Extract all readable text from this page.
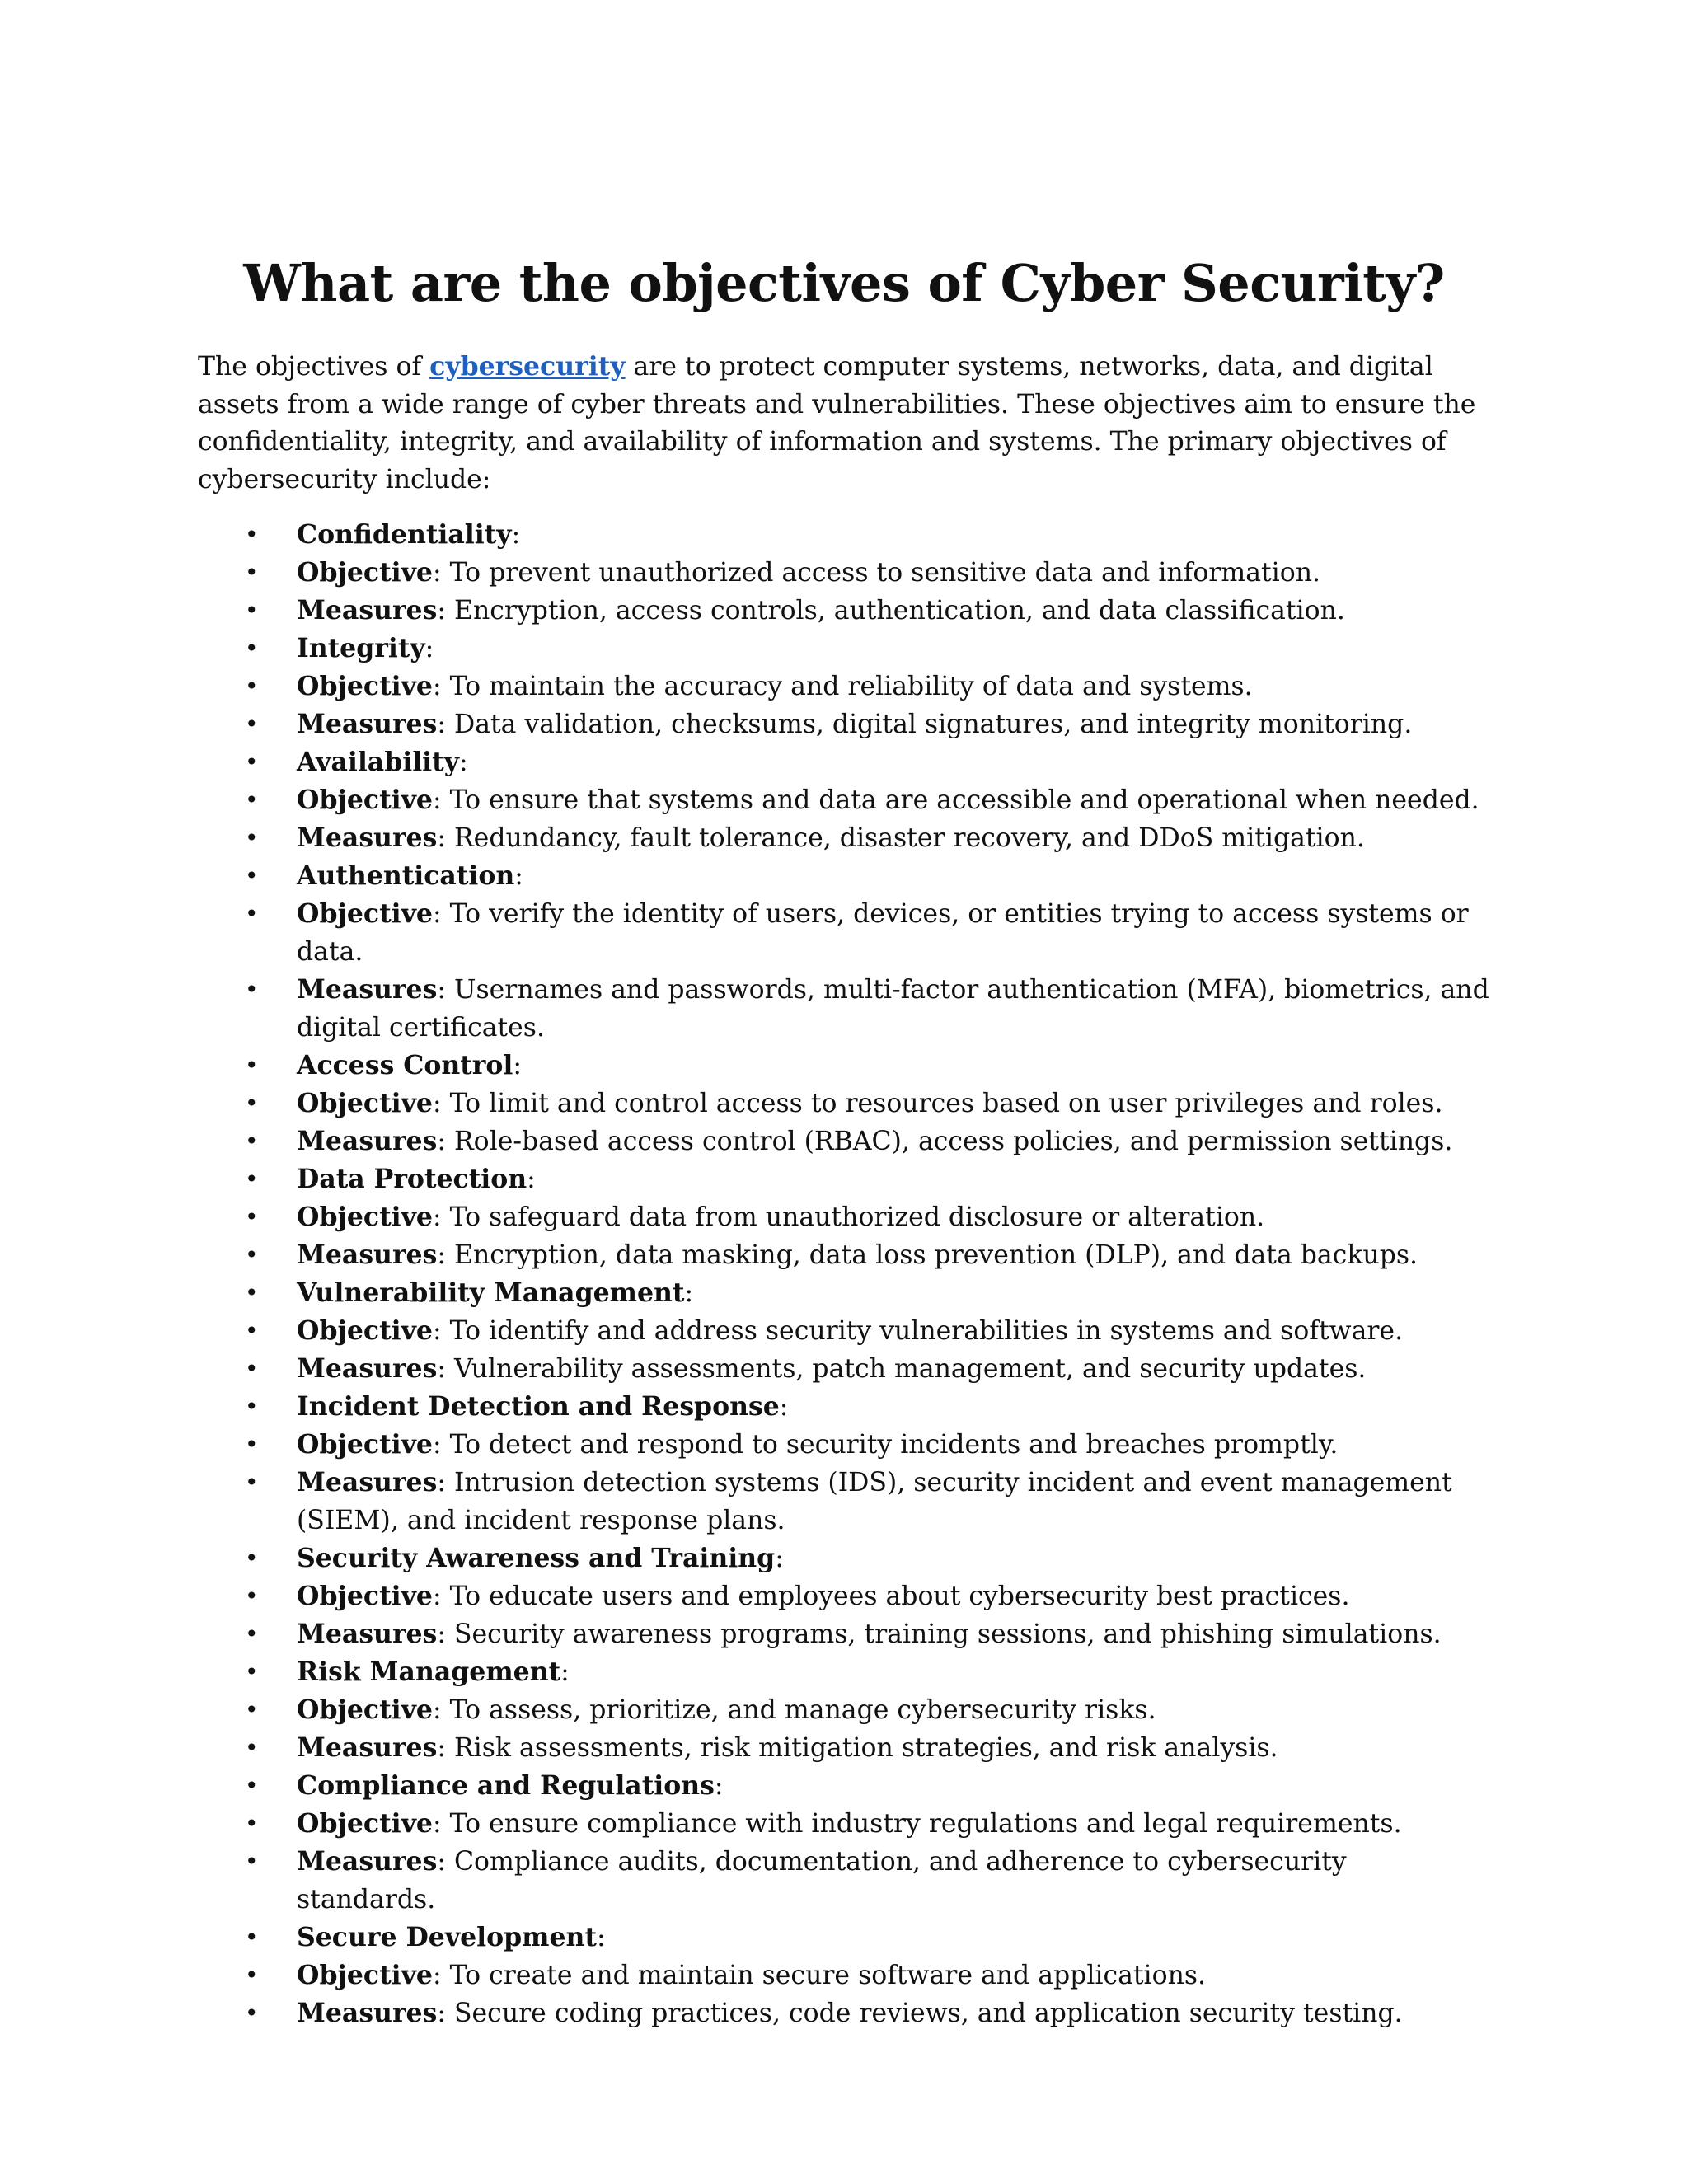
What are the objectives of Cyber Security?

The objectives of cybersecurity are to protect computer systems, networks, data, and digital assets from a wide range of cyber threats and vulnerabilities. These objectives aim to ensure the confidentiality, integrity, and availability of information and systems. The primary objectives of cybersecurity include:

• Confidentiality:
• Objective: To prevent unauthorized access to sensitive data and information.
• Measures: Encryption, access controls, authentication, and data classification.
• Integrity:
• Objective: To maintain the accuracy and reliability of data and systems.
• Measures: Data validation, checksums, digital signatures, and integrity monitoring.
• Availability:
• Objective: To ensure that systems and data are accessible and operational when needed.
• Measures: Redundancy, fault tolerance, disaster recovery, and DDoS mitigation.
• Authentication:
• Objective: To verify the identity of users, devices, or entities trying to access systems or data.
• Measures: Usernames and passwords, multi-factor authentication (MFA), biometrics, and digital certificates.
• Access Control:
• Objective: To limit and control access to resources based on user privileges and roles.
• Measures: Role-based access control (RBAC), access policies, and permission settings.
• Data Protection:
• Objective: To safeguard data from unauthorized disclosure or alteration.
• Measures: Encryption, data masking, data loss prevention (DLP), and data backups.
• Vulnerability Management:
• Objective: To identify and address security vulnerabilities in systems and software.
• Measures: Vulnerability assessments, patch management, and security updates.
• Incident Detection and Response:
• Objective: To detect and respond to security incidents and breaches promptly.
• Measures: Intrusion detection systems (IDS), security incident and event management (SIEM), and incident response plans.
• Security Awareness and Training:
• Objective: To educate users and employees about cybersecurity best practices.
• Measures: Security awareness programs, training sessions, and phishing simulations.
• Risk Management:
• Objective: To assess, prioritize, and manage cybersecurity risks.
• Measures: Risk assessments, risk mitigation strategies, and risk analysis.
• Compliance and Regulations:
• Objective: To ensure compliance with industry regulations and legal requirements.
• Measures: Compliance audits, documentation, and adherence to cybersecurity standards.
• Secure Development:
• Objective: To create and maintain secure software and applications.
• Measures: Secure coding practices, code reviews, and application security testing.
